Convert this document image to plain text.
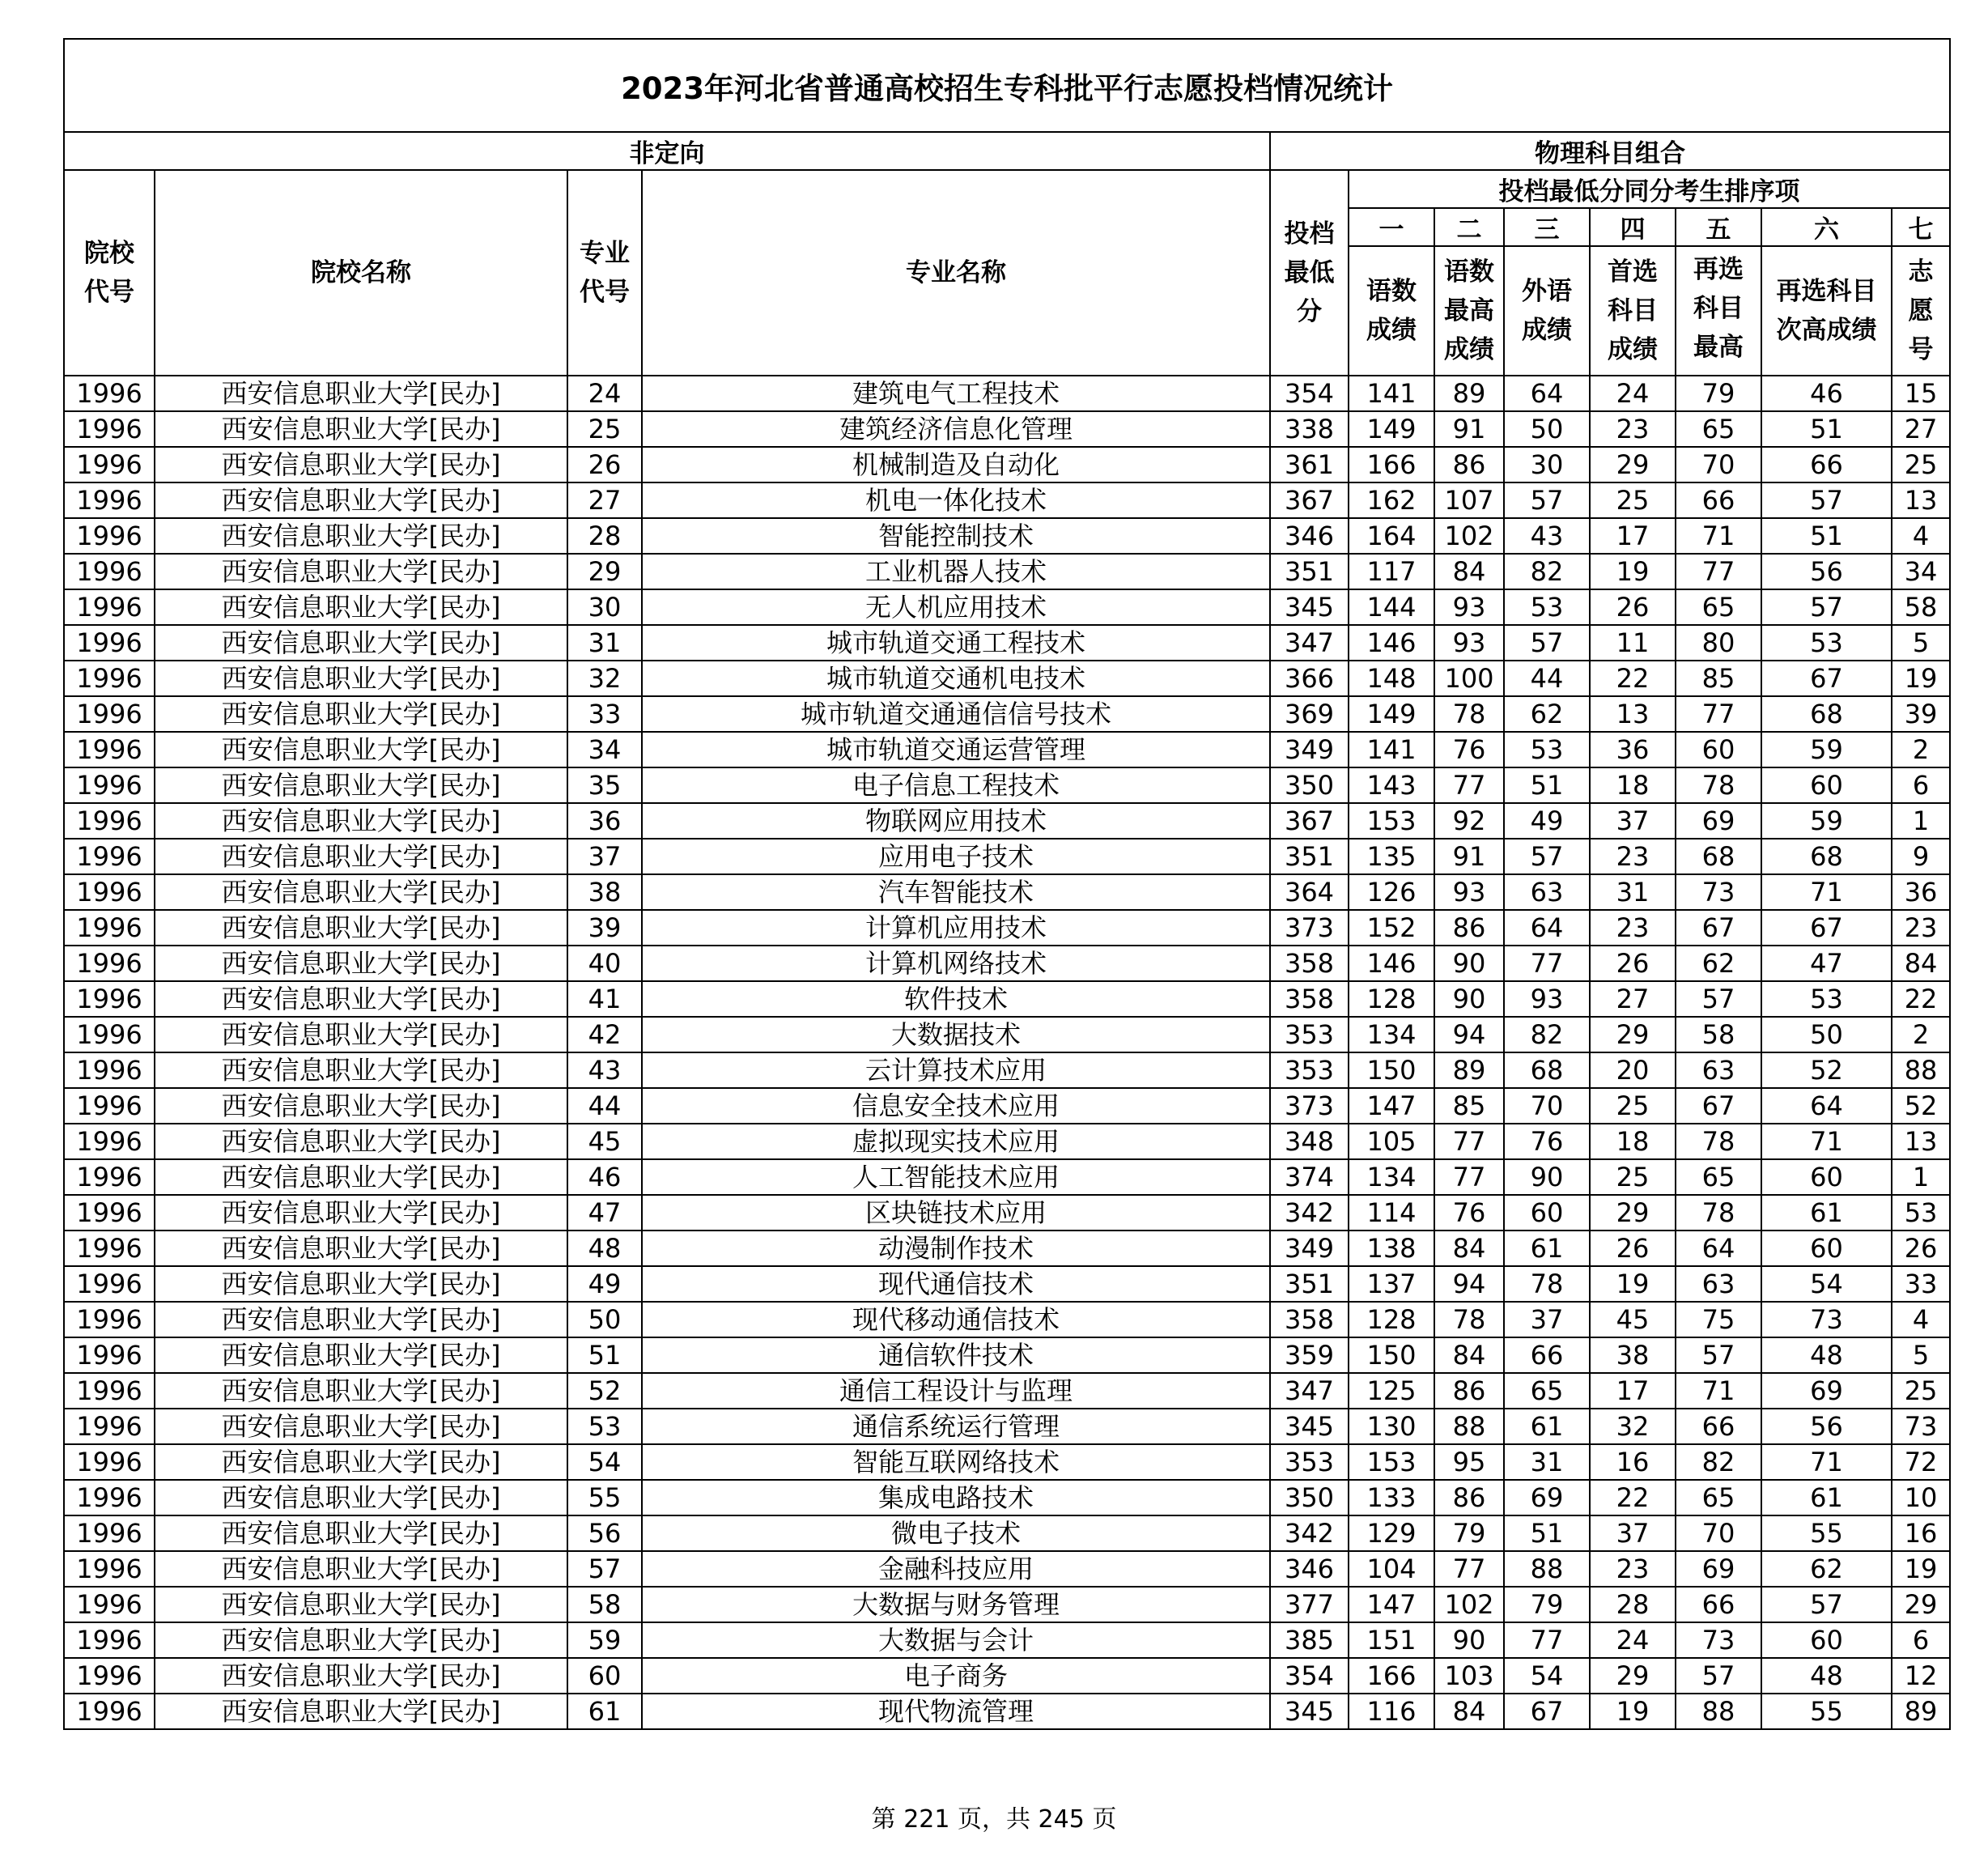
2023年河北省普通高校招生专科批平行志愿投档情况统计											
非定向				物理科目组合							

院校代号	院校名称	专业代号	专业名称	投档最低分	投档最低分同分考生排序项						
					一	二	三	四	五	六	七

					语数成绩	语数最高成绩	外语成绩	首选科目成绩	再选科目最高	再选科目次高成绩	志愿号

1996	西安信息职业大学[民办]	24	建筑电气工程技术	354	141	89	64	24	79	46	15
1996	西安信息职业大学[民办]	25	建筑经济信息化管理	338	149	91	50	23	65	51	27
1996	西安信息职业大学[民办]	26	机械制造及自动化	361	166	86	30	29	70	66	25
1996	西安信息职业大学[民办]	27	机电一体化技术	367	162	107	57	25	66	57	13
1996	西安信息职业大学[民办]	28	智能控制技术	346	164	102	43	17	71	51	4
1996	西安信息职业大学[民办]	29	工业机器人技术	351	117	84	82	19	77	56	34
1996	西安信息职业大学[民办]	30	无人机应用技术	345	144	93	53	26	65	57	58
1996	西安信息职业大学[民办]	31	城市轨道交通工程技术	347	146	93	57	11	80	53	5
1996	西安信息职业大学[民办]	32	城市轨道交通机电技术	366	148	100	44	22	85	67	19
1996	西安信息职业大学[民办]	33	城市轨道交通通信信号技术	369	149	78	62	13	77	68	39
1996	西安信息职业大学[民办]	34	城市轨道交通运营管理	349	141	76	53	36	60	59	2
1996	西安信息职业大学[民办]	35	电子信息工程技术	350	143	77	51	18	78	60	6
1996	西安信息职业大学[民办]	36	物联网应用技术	367	153	92	49	37	69	59	1
1996	西安信息职业大学[民办]	37	应用电子技术	351	135	91	57	23	68	68	9
1996	西安信息职业大学[民办]	38	汽车智能技术	364	126	93	63	31	73	71	36
1996	西安信息职业大学[民办]	39	计算机应用技术	373	152	86	64	23	67	67	23
1996	西安信息职业大学[民办]	40	计算机网络技术	358	146	90	77	26	62	47	84
1996	西安信息职业大学[民办]	41	软件技术	358	128	90	93	27	57	53	22
1996	西安信息职业大学[民办]	42	大数据技术	353	134	94	82	29	58	50	2
1996	西安信息职业大学[民办]	43	云计算技术应用	353	150	89	68	20	63	52	88
1996	西安信息职业大学[民办]	44	信息安全技术应用	373	147	85	70	25	67	64	52
1996	西安信息职业大学[民办]	45	虚拟现实技术应用	348	105	77	76	18	78	71	13
1996	西安信息职业大学[民办]	46	人工智能技术应用	374	134	77	90	25	65	60	1
1996	西安信息职业大学[民办]	47	区块链技术应用	342	114	76	60	29	78	61	53
1996	西安信息职业大学[民办]	48	动漫制作技术	349	138	84	61	26	64	60	26
1996	西安信息职业大学[民办]	49	现代通信技术	351	137	94	78	19	63	54	33
1996	西安信息职业大学[民办]	50	现代移动通信技术	358	128	78	37	45	75	73	4
1996	西安信息职业大学[民办]	51	通信软件技术	359	150	84	66	38	57	48	5
1996	西安信息职业大学[民办]	52	通信工程设计与监理	347	125	86	65	17	71	69	25
1996	西安信息职业大学[民办]	53	通信系统运行管理	345	130	88	61	32	66	56	73
1996	西安信息职业大学[民办]	54	智能互联网络技术	353	153	95	31	16	82	71	72
1996	西安信息职业大学[民办]	55	集成电路技术	350	133	86	69	22	65	61	10
1996	西安信息职业大学[民办]	56	微电子技术	342	129	79	51	37	70	55	16
1996	西安信息职业大学[民办]	57	金融科技应用	346	104	77	88	23	69	62	19
1996	西安信息职业大学[民办]	58	大数据与财务管理	377	147	102	79	28	66	57	29
1996	西安信息职业大学[民办]	59	大数据与会计	385	151	90	77	24	73	60	6
1996	西安信息职业大学[民办]	60	电子商务	354	166	103	54	29	57	48	12
1996	西安信息职业大学[民办]	61	现代物流管理	345	116	84	67	19	88	55	89
第 221 页，共 245 页
